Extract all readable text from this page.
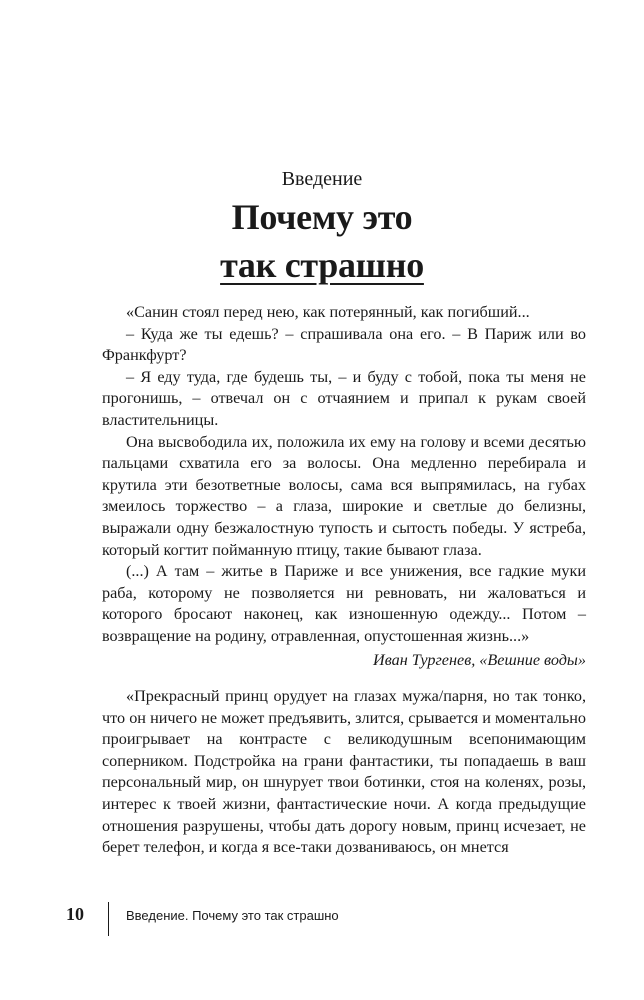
Введение
Почему это
так страшно

«Санин стоял перед нею, как потерянный, как погибший...

– Куда же ты едешь? – спрашивала она его. – В Париж или во Франкфурт?

– Я еду туда, где будешь ты, – и буду с тобой, пока ты меня не прогонишь, – отвечал он с отчаянием и припал к рукам своей властительницы.

Она высвободила их, положила их ему на голову и всеми десятью пальцами схватила его за волосы. Она медленно перебирала и крутила эти безответные волосы, сама вся выпрямилась, на губах змеилось торжество – а глаза, широкие и светлые до белизны, выражали одну безжалостную тупость и сытость победы. У ястреба, который когтит пойманную птицу, такие бывают глаза.

(...) А там – житье в Париже и все унижения, все гадкие муки раба, которому не позволяется ни ревновать, ни жаловаться и которого бросают наконец, как изношенную одежду... Потом – возвращение на родину, отравленная, опустошенная жизнь...»

Иван Тургенев, «Вешние воды»

«Прекрасный принц орудует на глазах мужа/парня, но так тонко, что он ничего не может предъявить, злится, срывается и моментально проигрывает на контрасте с великодушным всепонимающим соперником. Подстройка на грани фантастики, ты попадаешь в ваш персональный мир, он шнурует твои ботинки, стоя на коленях, розы, интерес к твоей жизни, фантастические ночи. А когда предыдущие отношения разрушены, чтобы дать дорогу новым, принц исчезает, не берет телефон, и когда я все-таки дозваниваюсь, он мнется

10	Введение. Почему это так страшно
